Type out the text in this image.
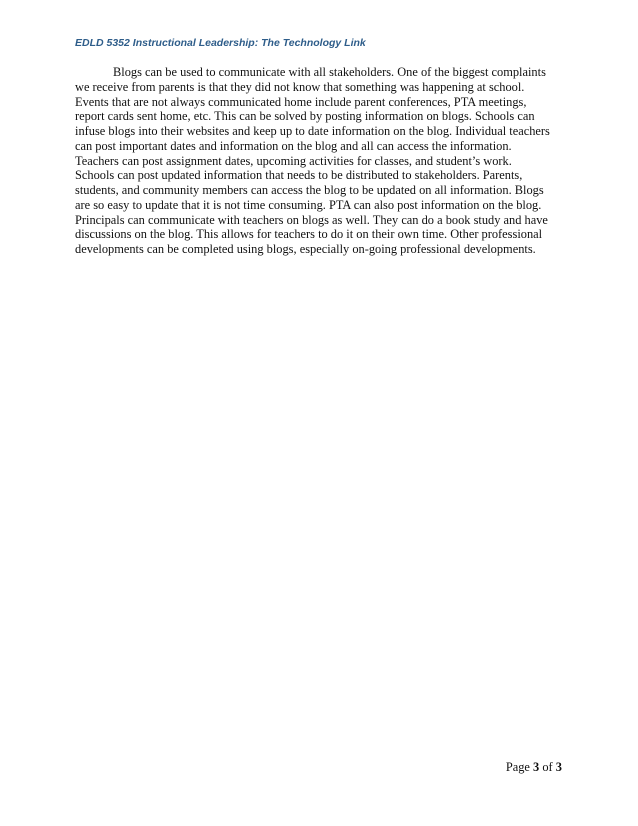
EDLD 5352 Instructional Leadership: The Technology Link
Blogs can be used to communicate with all stakeholders. One of the biggest complaints
we receive from parents is that they did not know that something was happening at school.
Events that are not always communicated home include parent conferences, PTA meetings,
report cards sent home, etc. This can be solved by posting information on blogs. Schools can
infuse blogs into their websites and keep up to date information on the blog. Individual teachers
can post important dates and information on the blog and all can access the information.
Teachers can post assignment dates, upcoming activities for classes, and student’s work.
Schools can post updated information that needs to be distributed to stakeholders. Parents,
students, and community members can access the blog to be updated on all information. Blogs
are so easy to update that it is not time consuming. PTA can also post information on the blog.
Principals can communicate with teachers on blogs as well. They can do a book study and have
discussions on the blog. This allows for teachers to do it on their own time. Other professional
developments can be completed using blogs, especially on-going professional developments.
Page 3 of 3
